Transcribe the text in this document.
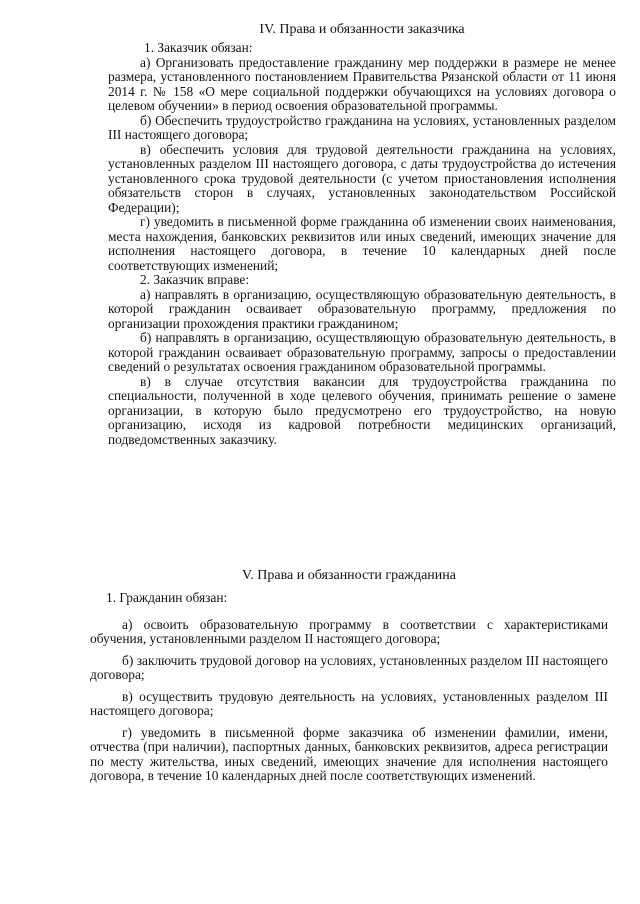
IV. Права и обязанности заказчика

1. Заказчик обязан:

а) Организовать предоставление гражданину мер поддержки в размере не менее размера, установленного постановлением Правительства Рязанской области от 11 июня 2014 г. № 158 «О мере социальной поддержки обучающихся на условиях договора о целевом обучении» в период освоения образовательной программы.

б) Обеспечить трудоустройство гражданина на условиях, установленных разделом III настоящего договора;

в) обеспечить условия для трудовой деятельности гражданина на условиях, установленных разделом III настоящего договора, с даты трудоустройства до истечения установленного срока трудовой деятельности (с учетом приостановления исполнения обязательств сторон в случаях, установленных законодательством Российской Федерации);

г) уведомить в письменной форме гражданина об изменении своих наименования, места нахождения, банковских реквизитов или иных сведений, имеющих значение для исполнения настоящего договора, в течение 10 календарных дней после соответствующих изменений;

2. Заказчик вправе:

а) направлять в организацию, осуществляющую образовательную деятельность, в которой гражданин осваивает образовательную программу, предложения по организации прохождения практики гражданином;

б) направлять в организацию, осуществляющую образовательную деятельность, в которой гражданин осваивает образовательную программу, запросы о предоставлении сведений о результатах освоения гражданином образовательной программы.

в) в случае отсутствия вакансии для трудоустройства гражданина по специальности, полученной в ходе целевого обучения, принимать решение о замене организации, в которую было предусмотрено его трудоустройство, на новую организацию, исходя из кадровой потребности медицинских организаций, подведомственных заказчику.

V. Права и обязанности гражданина

1. Гражданин обязан:

а) освоить образовательную программу в соответствии с характеристиками обучения, установленными разделом II настоящего договора;

б) заключить трудовой договор на условиях, установленных разделом III настоящего договора;

в) осуществить трудовую деятельность на условиях, установленных разделом III настоящего договора;

г) уведомить в письменной форме заказчика об изменении фамилии, имени, отчества (при наличии), паспортных данных, банковских реквизитов, адреса регистрации по месту жительства, иных сведений, имеющих значение для исполнения настоящего договора, в течение 10 календарных дней после соответствующих изменений.
